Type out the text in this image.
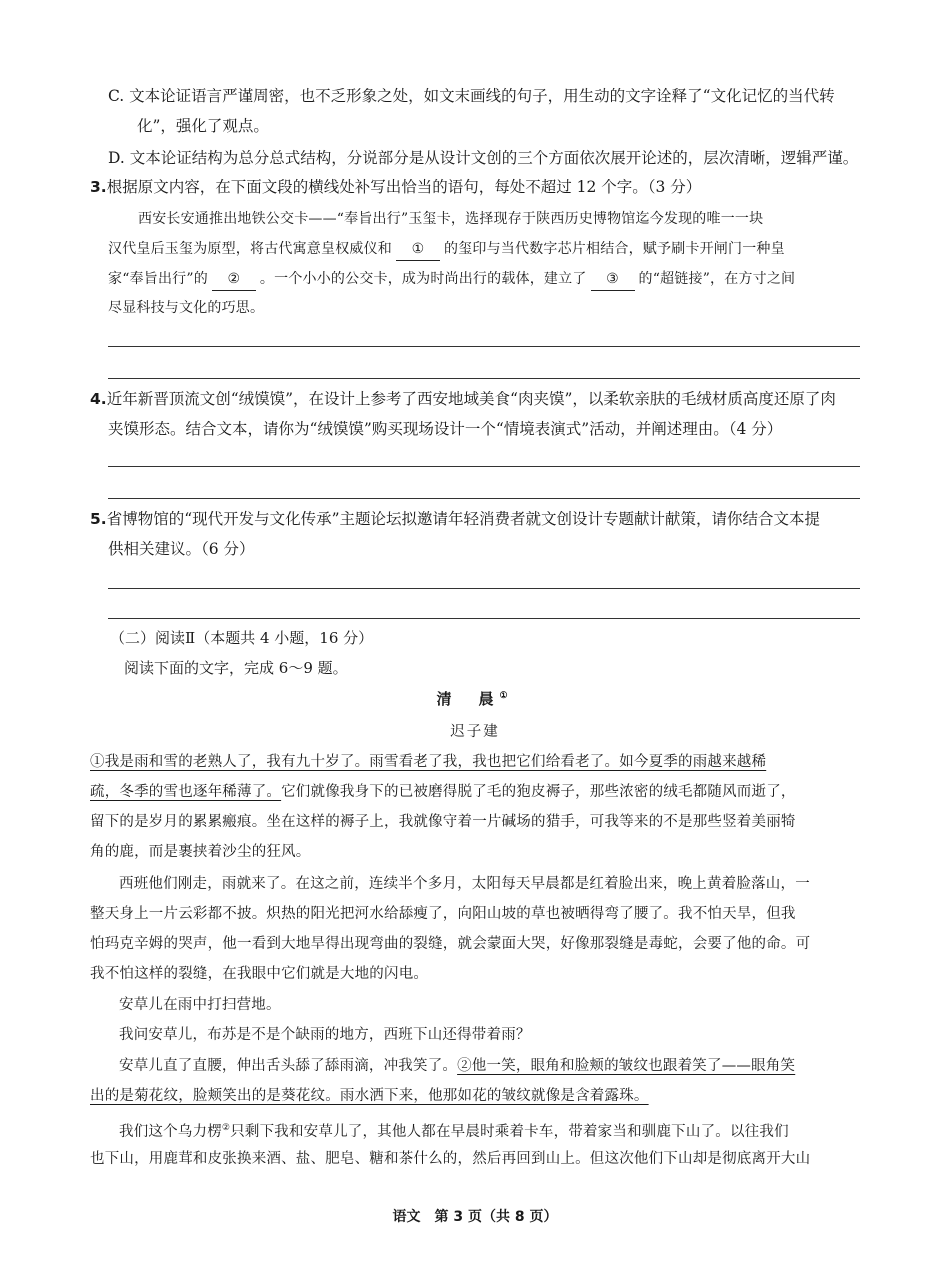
C. 文本论证语言严谨周密，也不乏形象之处，如文末画线的句子，用生动的文字诠释了“文化记忆的当代转
化”，强化了观点。
D. 文本论证结构为总分总式结构，分说部分是从设计文创的三个方面依次展开论述的，层次清晰，逻辑严谨。
3.根据原文内容，在下面文段的横线处补写出恰当的语句，每处不超过 12 个字。（3 分）
西安长安通推出地铁公交卡——“奉旨出行”玉玺卡，选择现存于陕西历史博物馆迄今发现的唯一一块
汉代皇后玉玺为原型，将古代寓意皇权威仪和 ① 的玺印与当代数字芯片相结合，赋予刷卡开闸门一种皇
家“奉旨出行”的 ② 。一个小小的公交卡，成为时尚出行的载体，建立了 ③ 的“超链接”，在方寸之间
尽显科技与文化的巧思。
4.近年新晋顶流文创“绒馍馍”，在设计上参考了西安地域美食“肉夹馍”，以柔软亲肤的毛绒材质高度还原了肉
夹馍形态。结合文本，请你为“绒馍馍”购买现场设计一个“情境表演式”活动，并阐述理由。（4 分）
5.省博物馆的“现代开发与文化传承”主题论坛拟邀请年轻消费者就文创设计专题献计献策，请你结合文本提
供相关建议。（6 分）
（二）阅读Ⅱ（本题共 4 小题，16 分）
阅读下面的文字，完成 6～9 题。
清　晨①
迟子建
①我是雨和雪的老熟人了，我有九十岁了。雨雪看老了我，我也把它们给看老了。如今夏季的雨越来越稀
疏，冬季的雪也逐年稀薄了。它们就像我身下的已被磨得脱了毛的狍皮褥子，那些浓密的绒毛都随风而逝了，
留下的是岁月的累累瘢痕。坐在这样的褥子上，我就像守着一片碱场的猎手，可我等来的不是那些竖着美丽犄
角的鹿，而是裹挟着沙尘的狂风。
西班他们刚走，雨就来了。在这之前，连续半个多月，太阳每天早晨都是红着脸出来，晚上黄着脸落山，一
整天身上一片云彩都不披。炽热的阳光把河水给舔瘦了，向阳山坡的草也被晒得弯了腰了。我不怕天旱，但我
怕玛克辛姆的哭声，他一看到大地旱得出现弯曲的裂缝，就会蒙面大哭，好像那裂缝是毒蛇，会要了他的命。可
我不怕这样的裂缝，在我眼中它们就是大地的闪电。
安草儿在雨中打扫营地。
我问安草儿，布苏是不是个缺雨的地方，西班下山还得带着雨？
安草儿直了直腰，伸出舌头舔了舔雨滴，冲我笑了。②他一笑，眼角和脸颊的皱纹也跟着笑了——眼角笑
出的是菊花纹，脸颊笑出的是葵花纹。雨水洒下来，他那如花的皱纹就像是含着露珠。
我们这个乌力楞②只剩下我和安草儿了，其他人都在早晨时乘着卡车，带着家当和驯鹿下山了。以往我们
也下山，用鹿茸和皮张换来酒、盐、肥皂、糖和茶什么的，然后再回到山上。但这次他们下山却是彻底离开大山
语文　第 3 页（共 8 页）
